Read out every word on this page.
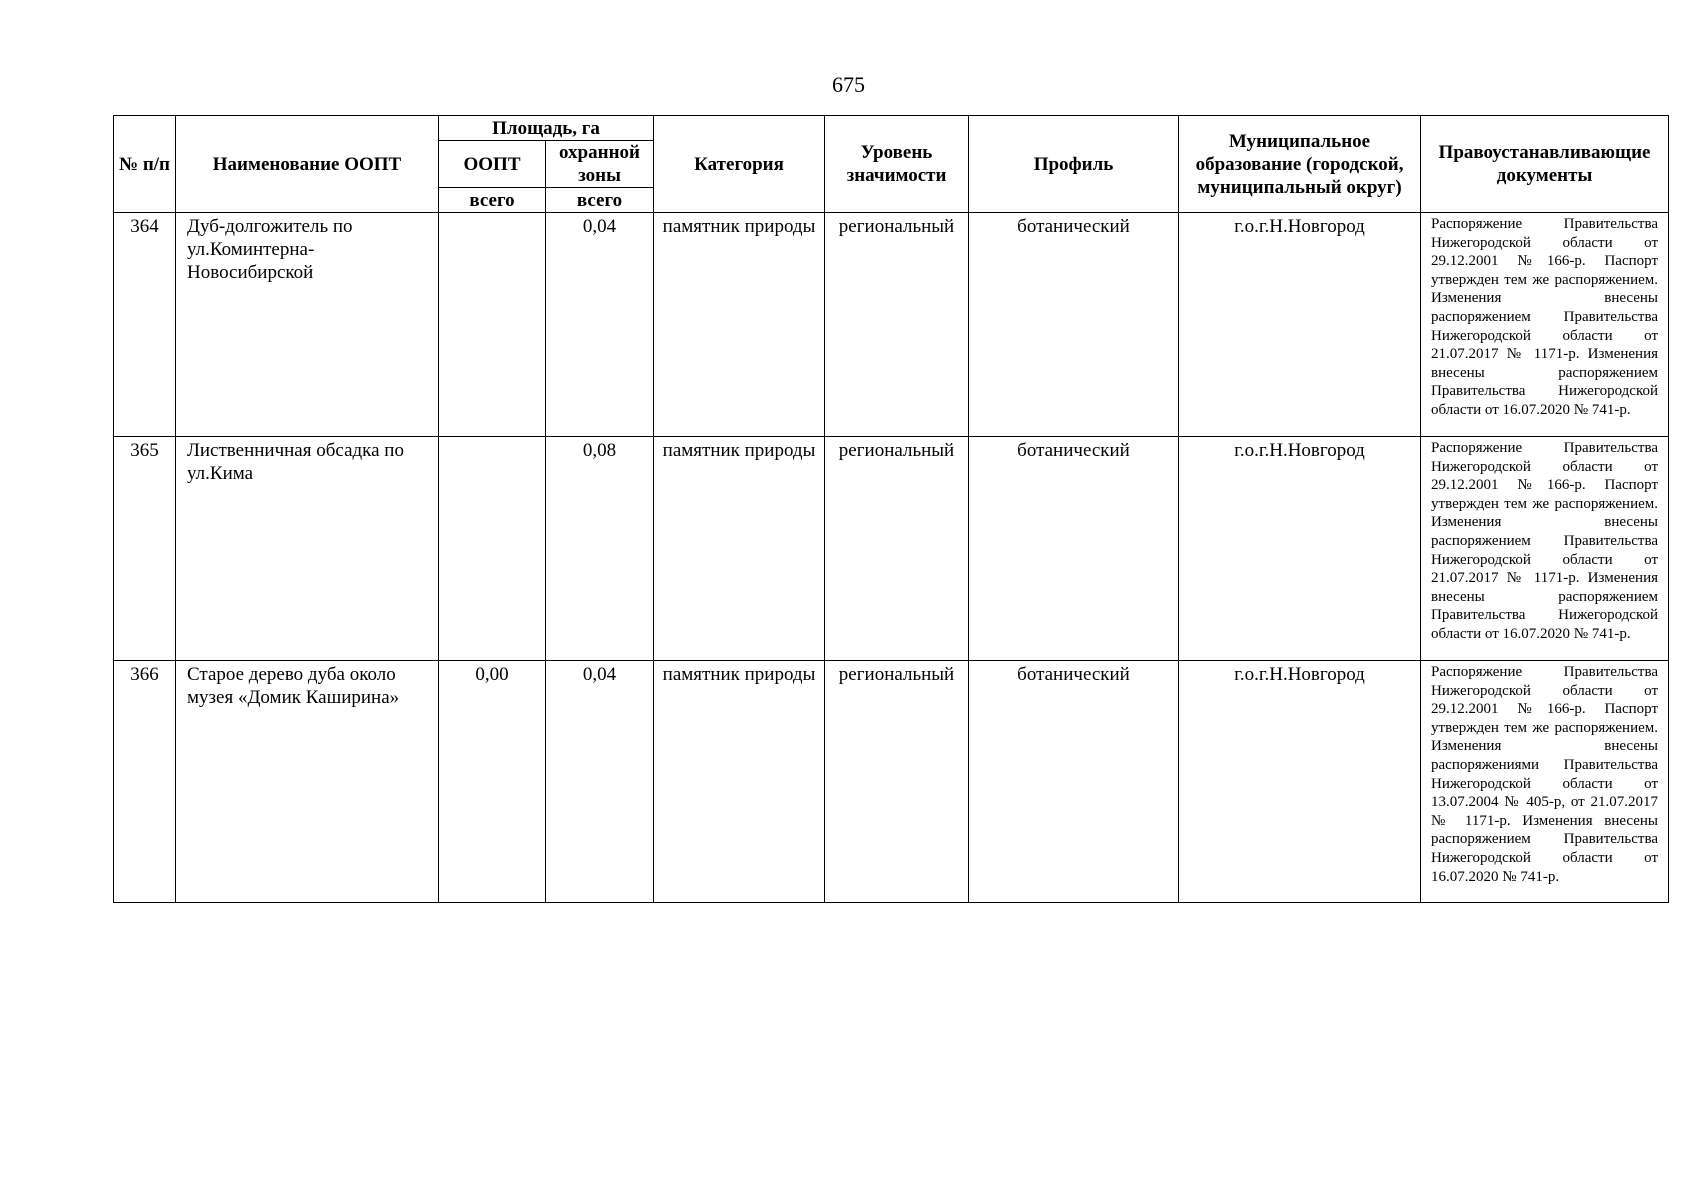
675
№ п/п	Наименование ООПТ	Площадь, га		Категория	Уровень значимости	Профиль	Муниципальное образование (городской, муниципальный округ)	Правоустанавливающие документы
		ООПТ	охранной зоны					
		всего	всего					
364	Дуб-долгожитель по ул.Коминтерна-Новосибирской		0,04	памятник природы	региональный	ботанический	г.о.г.Н.Новгород	Распоряжение Правительства Нижегородской области от 29.12.2001 №166-р. Паспорт утвержден тем же распоряжением. Изменения внесены распоряжением Правительства Нижегородской области от 21.07.2017 № 1171-р. Изменения внесены распоряжением Правительства Нижегородской области от 16.07.2020 № 741-р.
365	Лиственничная обсадка по ул.Кима		0,08	памятник природы	региональный	ботанический	г.о.г.Н.Новгород	Распоряжение Правительства Нижегородской области от 29.12.2001 №166-р. Паспорт утвержден тем же распоряжением. Изменения внесены распоряжением Правительства Нижегородской области от 21.07.2017 № 1171-р. Изменения внесены распоряжением Правительства Нижегородской области от 16.07.2020 № 741-р.
366	Старое дерево дуба около музея «Домик Каширина»	0,00	0,04	памятник природы	региональный	ботанический	г.о.г.Н.Новгород	Распоряжение Правительства Нижегородской области от 29.12.2001 №166-р. Паспорт утвержден тем же распоряжением. Изменения внесены распоряжениями Правительства Нижегородской области от 13.07.2004 № 405-р, от 21.07.2017 № 1171-р. Изменения внесены распоряжением Правительства Нижегородской области от 16.07.2020 № 741-р.
